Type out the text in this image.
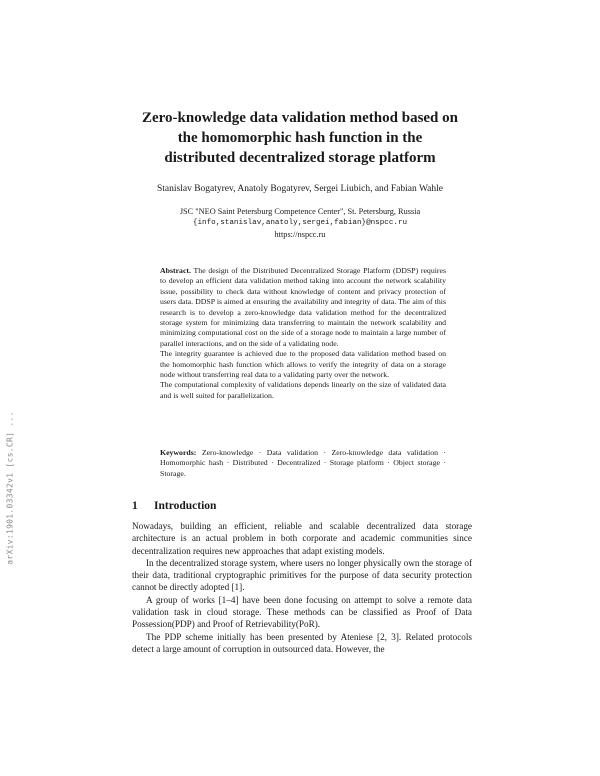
arXiv:1901.03342v1 [cs.CR] ...
Zero-knowledge data validation method based on
the homomorphic hash function in the
distributed decentralized storage platform
Stanislav Bogatyrev, Anatoly Bogatyrev, Sergei Liubich, and Fabian Wahle
JSC "NEO Saint Petersburg Competence Center", St. Petersburg, Russia
{info,stanislav,anatoly,sergei,fabian}@nspcc.ru
https://nspcc.ru

Abstract. The design of the Distributed Decentralized Storage Platform (DDSP) requires to develop an efficient data validation method taking into account the network scalability issue, possibility to check data without knowledge of content and privacy protection of users data. DDSP is aimed at ensuring the availability and integrity of data. The aim of this research is to develop a zero-knowledge data validation method for the decentralized storage system for minimizing data transferring to maintain the network scalability and minimizing computational cost on the side of a storage node to maintain a large number of parallel interactions, and on the side of a validating node.

The integrity guarantee is achieved due to the proposed data validation method based on the homomorphic hash function which allows to verify the integrity of data on a storage node without transferring real data to a validating party over the network.

The computational complexity of validations depends linearly on the size of validated data and is well suited for parallelization.

Keywords: Zero-knowledge · Data validation · Zero-knowledge data validation · Homomorphic hash · Distributed · Decentralized · Storage platform · Object storage · Storage.
1 Introduction

Nowadays, building an efficient, reliable and scalable decentralized data storage architecture is an actual problem in both corporate and academic communities since decentralization requires new approaches that adapt existing models.

In the decentralized storage system, where users no longer physically own the storage of their data, traditional cryptographic primitives for the purpose of data security protection cannot be directly adopted [1].

A group of works [1–4] have been done focusing on attempt to solve a remote data validation task in cloud storage. These methods can be classified as Proof of Data Possession(PDP) and Proof of Retrievability(PoR).

The PDP scheme initially has been presented by Ateniese [2, 3]. Related protocols detect a large amount of corruption in outsourced data. However, the
